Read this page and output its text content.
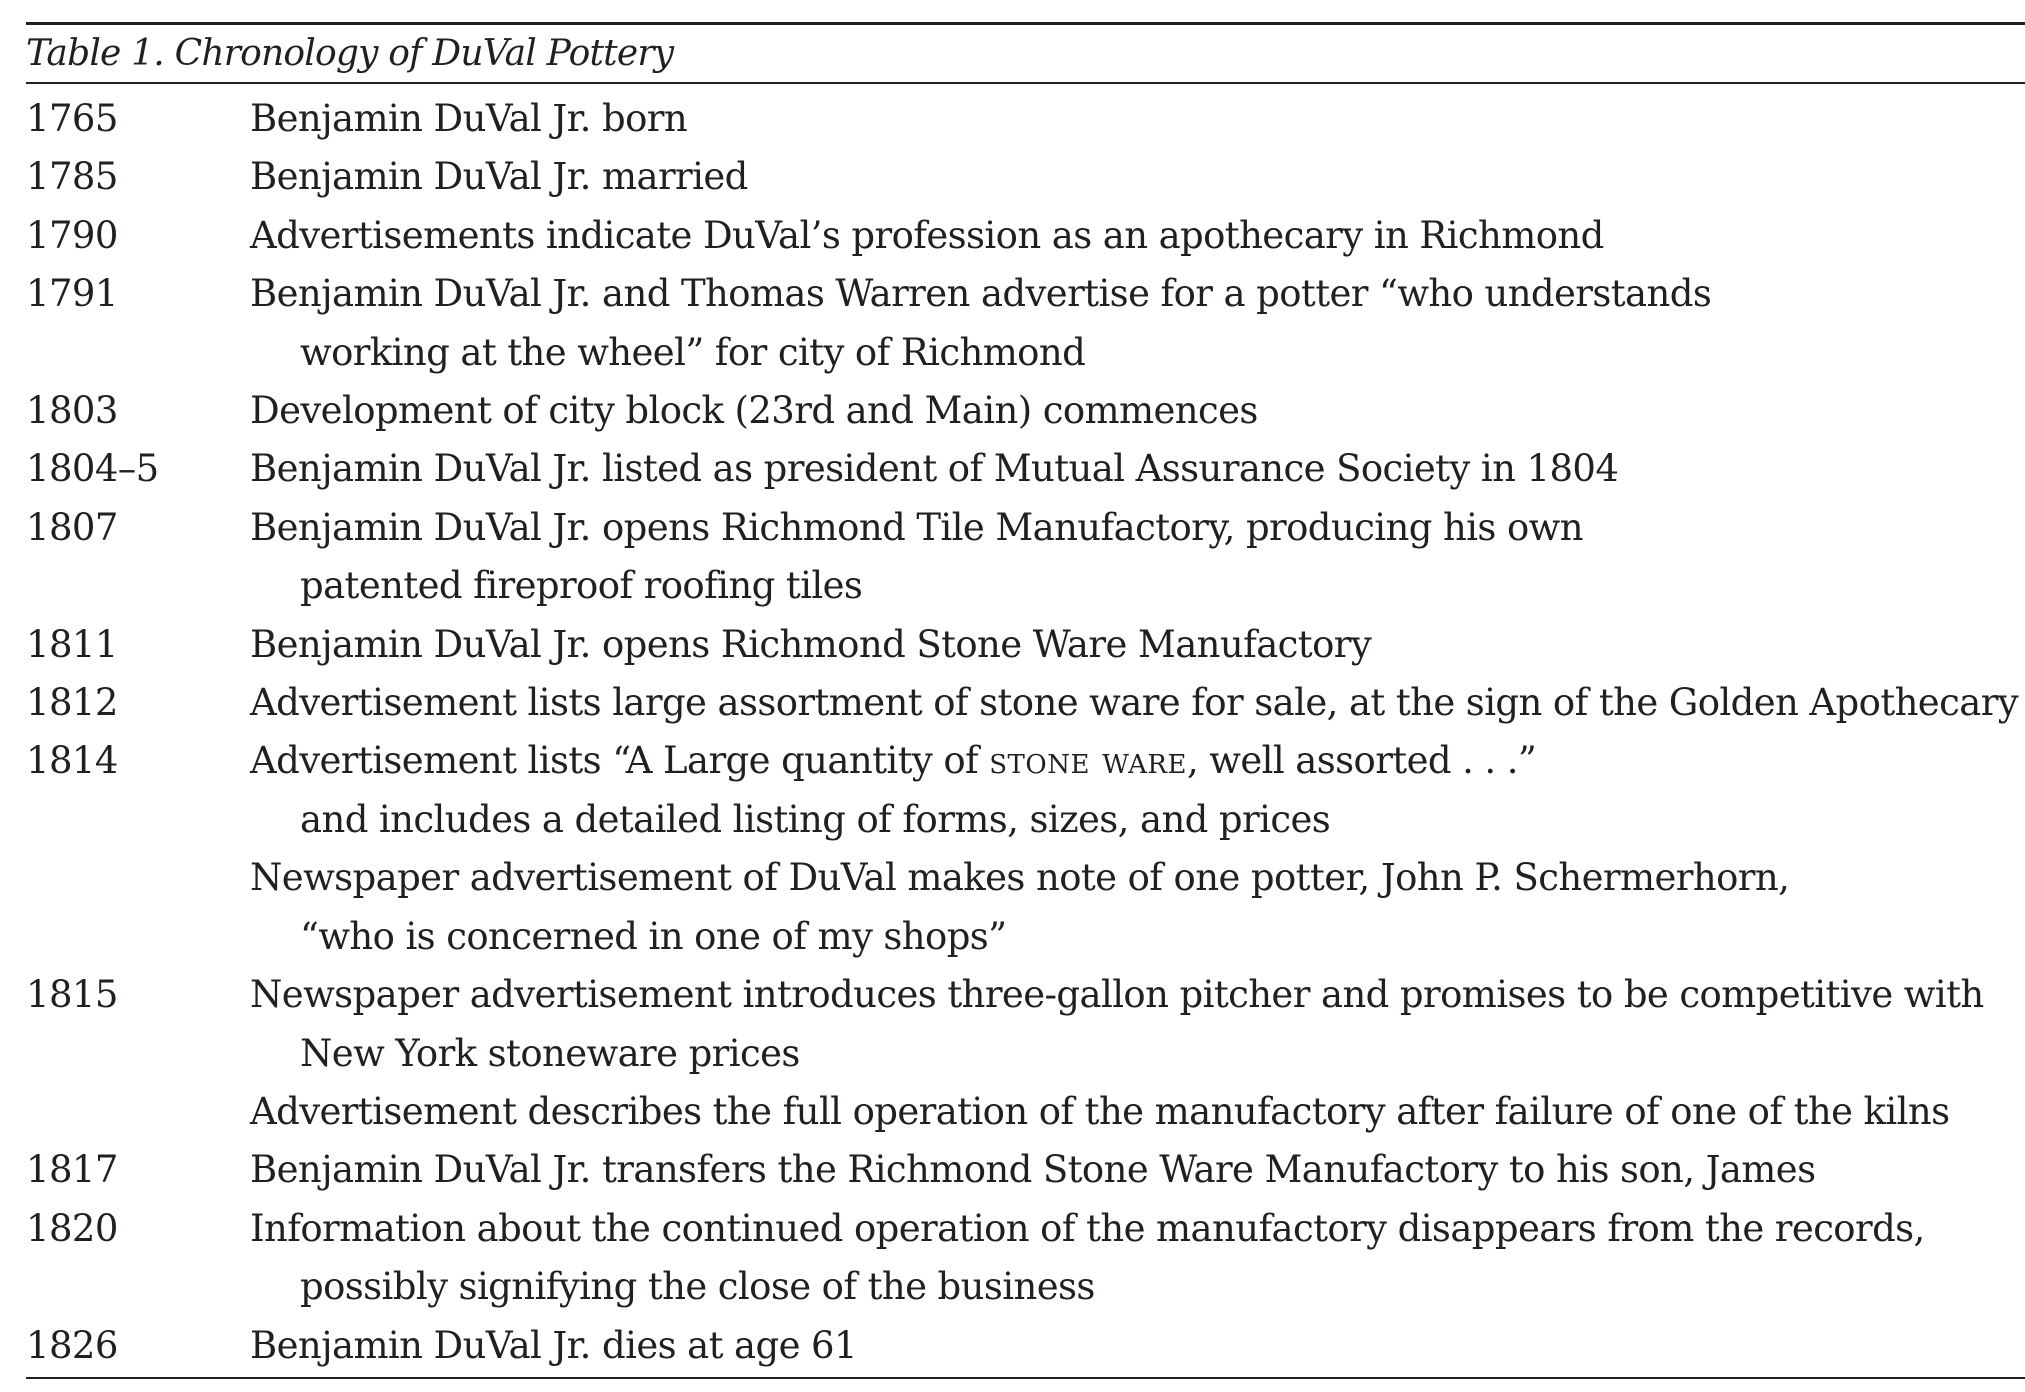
Table 1. Chronology of DuVal Pottery
1765	Benjamin DuVal Jr. born
1785	Benjamin DuVal Jr. married
1790	Advertisements indicate DuVal’s profession as an apothecary in Richmond
1791	Benjamin DuVal Jr. and Thomas Warren advertise for a potter “who understands
working at the wheel” for city of Richmond
1803	Development of city block (23rd and Main) commences
1804–5	Benjamin DuVal Jr. listed as president of Mutual Assurance Society in 1804
1807	Benjamin DuVal Jr. opens Richmond Tile Manufactory, producing his own
patented fireproof roofing tiles
1811	Benjamin DuVal Jr. opens Richmond Stone Ware Manufactory
1812	Advertisement lists large assortment of stone ware for sale, at the sign of the Golden Apothecary
1814	Advertisement lists “A Large quantity of stone ware, well assorted . . .”
and includes a detailed listing of forms, sizes, and prices
Newspaper advertisement of DuVal makes note of one potter, John P. Schermerhorn,
“who is concerned in one of my shops”
1815	Newspaper advertisement introduces three-gallon pitcher and promises to be competitive with
New York stoneware prices
Advertisement describes the full operation of the manufactory after failure of one of the kilns
1817	Benjamin DuVal Jr. transfers the Richmond Stone Ware Manufactory to his son, James
1820	Information about the continued operation of the manufactory disappears from the records,
possibly signifying the close of the business
1826	Benjamin DuVal Jr. dies at age 61
